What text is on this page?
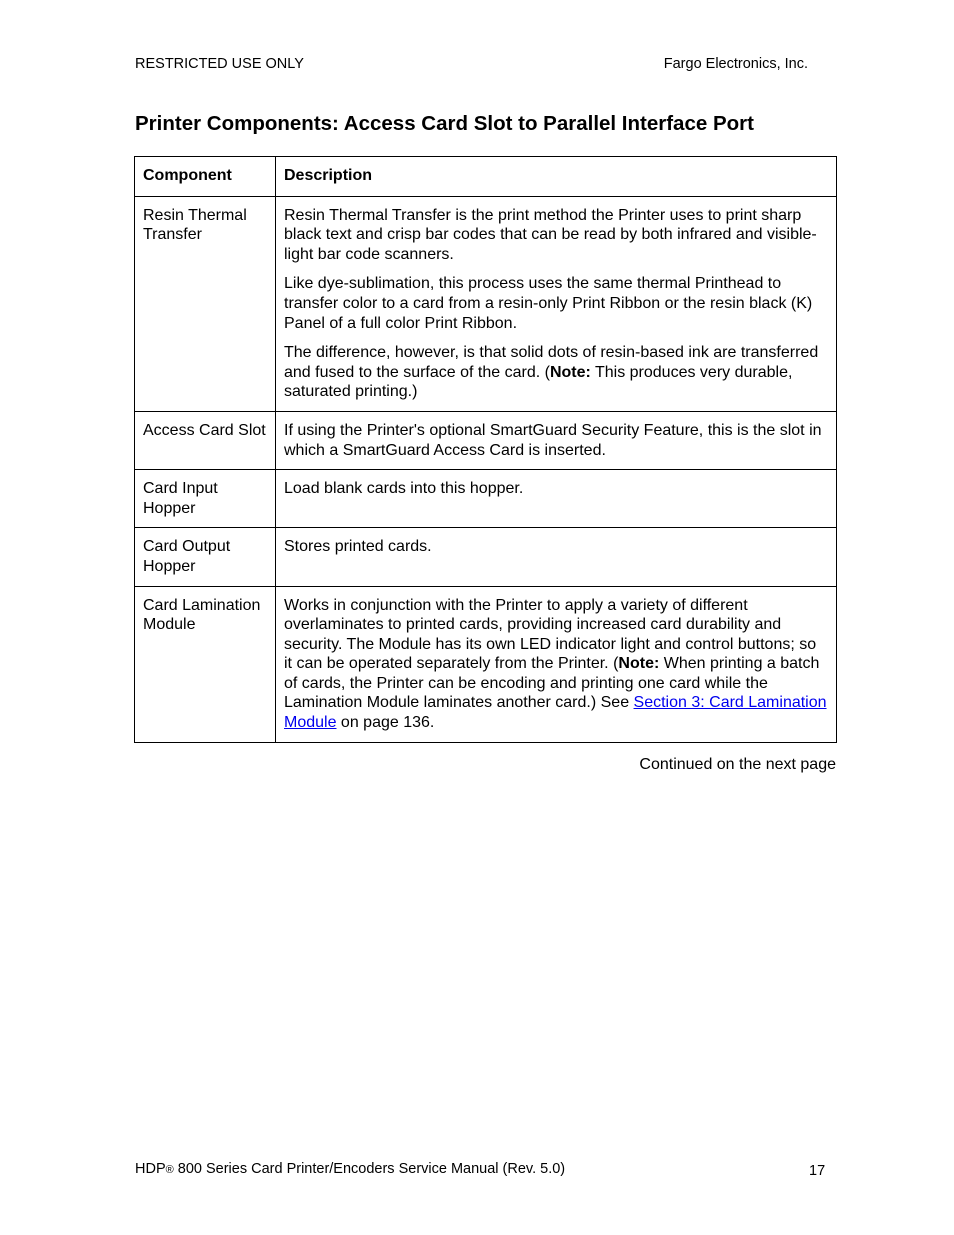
RESTRICTED USE ONLY	Fargo Electronics, Inc.
Printer Components: Access Card Slot to Parallel Interface Port
Component	Description
Resin Thermal Transfer	Resin Thermal Transfer is the print method the Printer uses to print sharp black text and crisp bar codes that can be read by both infrared and visible-light bar code scanners.

Like dye-sublimation, this process uses the same thermal Printhead to transfer color to a card from a resin-only Print Ribbon or the resin black (K) Panel of a full color Print Ribbon.

The difference, however, is that solid dots of resin-based ink are transferred and fused to the surface of the card. (Note: This produces very durable, saturated printing.)

Access Card Slot	If using the Printer's optional SmartGuard Security Feature, this is the slot in which a SmartGuard Access Card is inserted.
Card Input Hopper	Load blank cards into this hopper.
Card Output Hopper	Stores printed cards.
Card Lamination Module	Works in conjunction with the Printer to apply a variety of different overlaminates to printed cards, providing increased card durability and security. The Module has its own LED indicator light and control buttons; so it can be operated separately from the Printer. (Note: When printing a batch of cards, the Printer can be encoding and printing one card while the Lamination Module laminates another card.) See Section 3: Card Lamination Module on page 136.
Continued on the next page
HDP® 800 Series Card Printer/Encoders Service Manual (Rev. 5.0)	17
